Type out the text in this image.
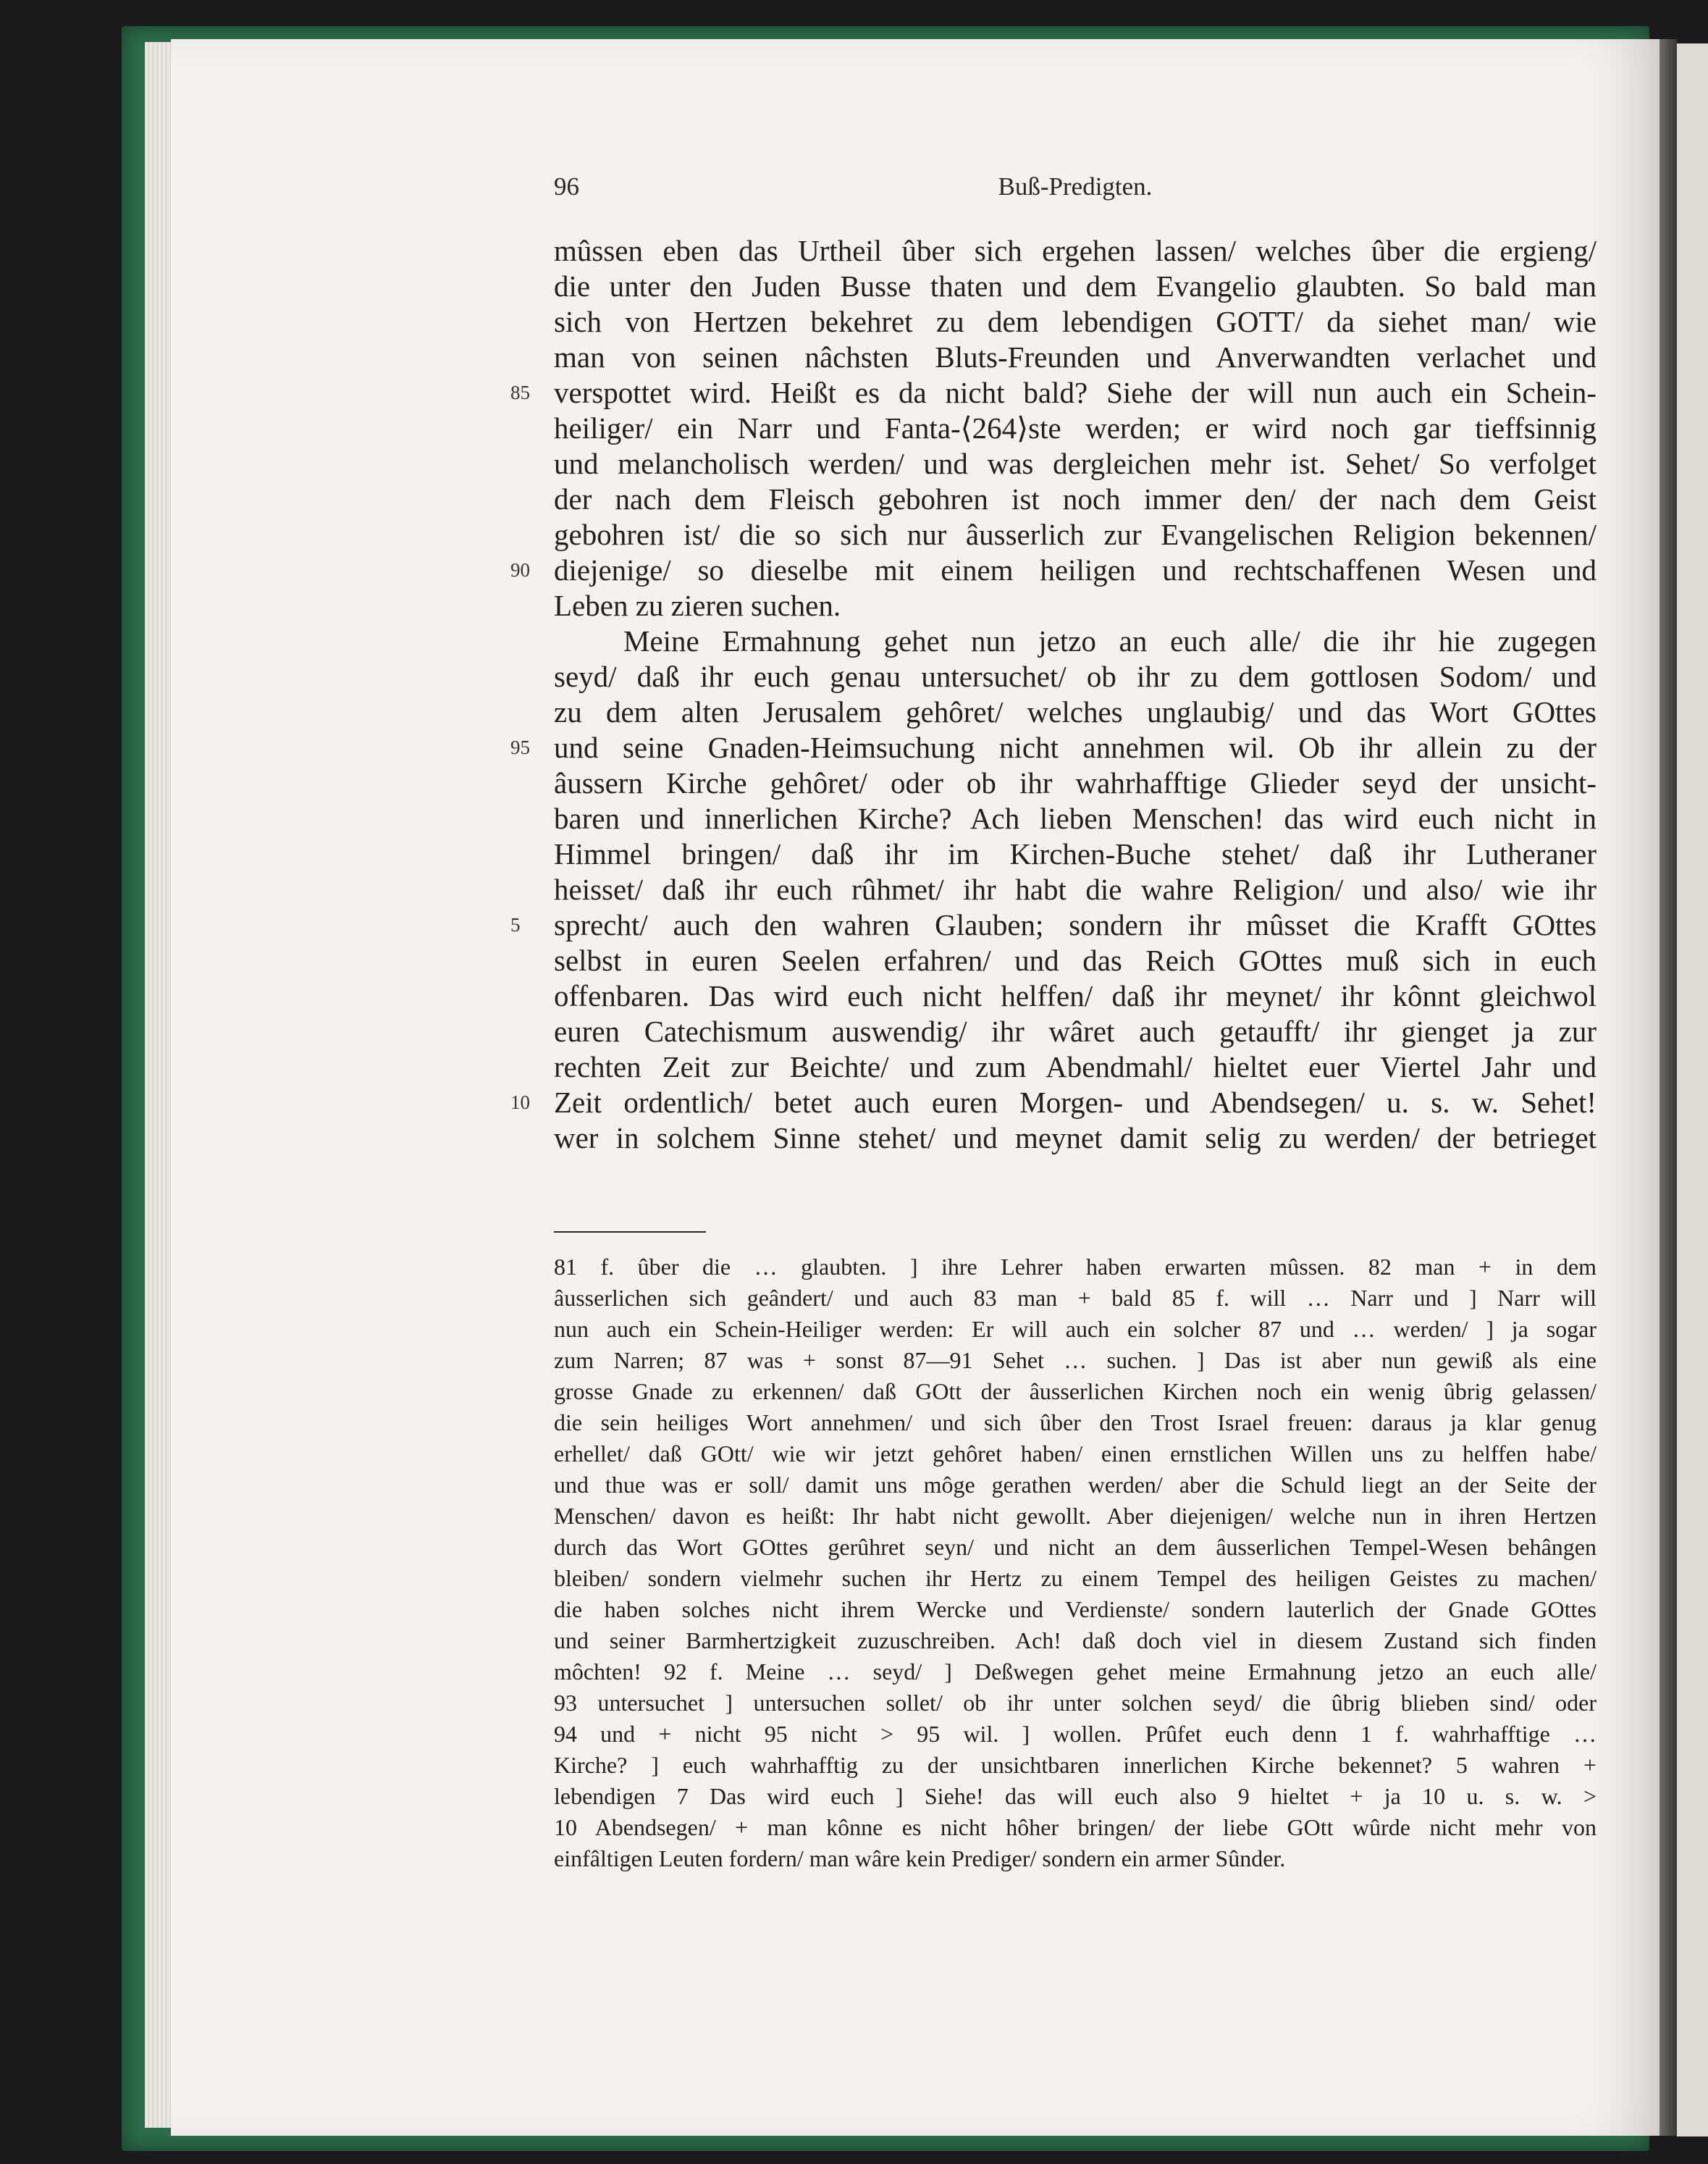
96	Buß-Predigten.
mûssen eben das Urtheil ûber sich ergehen lassen/ welches ûber die ergieng/
die unter den Juden Busse thaten und dem Evangelio glaubten. So bald man
sich von Hertzen bekehret zu dem lebendigen GOTT/ da siehet man/ wie
man von seinen nâchsten Bluts-Freunden und Anverwandten verlachet und
85 verspottet wird. Heißt es da nicht bald? Siehe der will nun auch ein Schein-
heiliger/ ein Narr und Fanta-⟨264⟩ste werden; er wird noch gar tieffsinnig
und melancholisch werden/ und was dergleichen mehr ist. Sehet/ So verfolget
der nach dem Fleisch gebohren ist noch immer den/ der nach dem Geist
gebohren ist/ die so sich nur âusserlich zur Evangelischen Religion bekennen/
90 diejenige/ so dieselbe mit einem heiligen und rechtschaffenen Wesen und
Leben zu zieren suchen.
Meine Ermahnung gehet nun jetzo an euch alle/ die ihr hie zugegen
seyd/ daß ihr euch genau untersuchet/ ob ihr zu dem gottlosen Sodom/ und
zu dem alten Jerusalem gehôret/ welches unglaubig/ und das Wort GOttes
95 und seine Gnaden-Heimsuchung nicht annehmen wil. Ob ihr allein zu der
âussern Kirche gehôret/ oder ob ihr wahrhafftige Glieder seyd der unsicht-
baren und innerlichen Kirche? Ach lieben Menschen! das wird euch nicht in
Himmel bringen/ daß ihr im Kirchen-Buche stehet/ daß ihr Lutheraner
heisset/ daß ihr euch rûhmet/ ihr habt die wahre Religion/ und also/ wie ihr
5	sprecht/ auch den wahren Glauben; sondern ihr mûsset die Krafft GOttes
selbst in euren Seelen erfahren/ und das Reich GOttes muß sich in euch
offenbaren. Das wird euch nicht helffen/ daß ihr meynet/ ihr kônnt gleichwol
euren Catechismum auswendig/ ihr wâret auch getaufft/ ihr gienget ja zur
rechten Zeit zur Beichte/ und zum Abendmahl/ hieltet euer Viertel Jahr und
10 Zeit ordentlich/ betet auch euren Morgen- und Abendsegen/ u. s. w. Sehet!
wer in solchem Sinne stehet/ und meynet damit selig zu werden/ der betrieget
81 f. ûber die … glaubten. ] ihre Lehrer haben erwarten mûssen. 82 man + in dem
âusserlichen sich geândert/ und auch 83 man + bald 85 f. will … Narr und ] Narr will
nun auch ein Schein-Heiliger werden: Er will auch ein solcher 87 und … werden/ ] ja sogar
zum Narren; 87 was + sonst 87—91 Sehet … suchen. ] Das ist aber nun gewiß als eine
grosse Gnade zu erkennen/ daß GOtt der âusserlichen Kirchen noch ein wenig ûbrig gelassen/
die sein heiliges Wort annehmen/ und sich ûber den Trost Israel freuen: daraus ja klar genug
erhellet/ daß GOtt/ wie wir jetzt gehôret haben/ einen ernstlichen Willen uns zu helffen habe/
und thue was er soll/ damit uns môge gerathen werden/ aber die Schuld liegt an der Seite der
Menschen/ davon es heißt: Ihr habt nicht gewollt. Aber diejenigen/ welche nun in ihren Hertzen
durch das Wort GOttes gerûhret seyn/ und nicht an dem âusserlichen Tempel-Wesen behângen
bleiben/ sondern vielmehr suchen ihr Hertz zu einem Tempel des heiligen Geistes zu machen/
die haben solches nicht ihrem Wercke und Verdienste/ sondern lauterlich der Gnade GOttes
und seiner Barmhertzigkeit zuzuschreiben. Ach! daß doch viel in diesem Zustand sich finden
môchten! 92 f. Meine … seyd/ ] Deßwegen gehet meine Ermahnung jetzo an euch alle/
93 untersuchet ] untersuchen sollet/ ob ihr unter solchen seyd/ die ûbrig blieben sind/ oder
94 und + nicht 95 nicht > 95 wil. ] wollen. Prûfet euch denn 1 f. wahrhafftige …
Kirche? ] euch wahrhafftig zu der unsichtbaren innerlichen Kirche bekennet? 5 wahren +
lebendigen 7 Das wird euch ] Siehe! das will euch also 9 hieltet + ja 10 u. s. w. >
10 Abendsegen/ + man kônne es nicht hôher bringen/ der liebe GOtt wûrde nicht mehr von
einfâltigen Leuten fordern/ man wâre kein Prediger/ sondern ein armer Sûnder.
